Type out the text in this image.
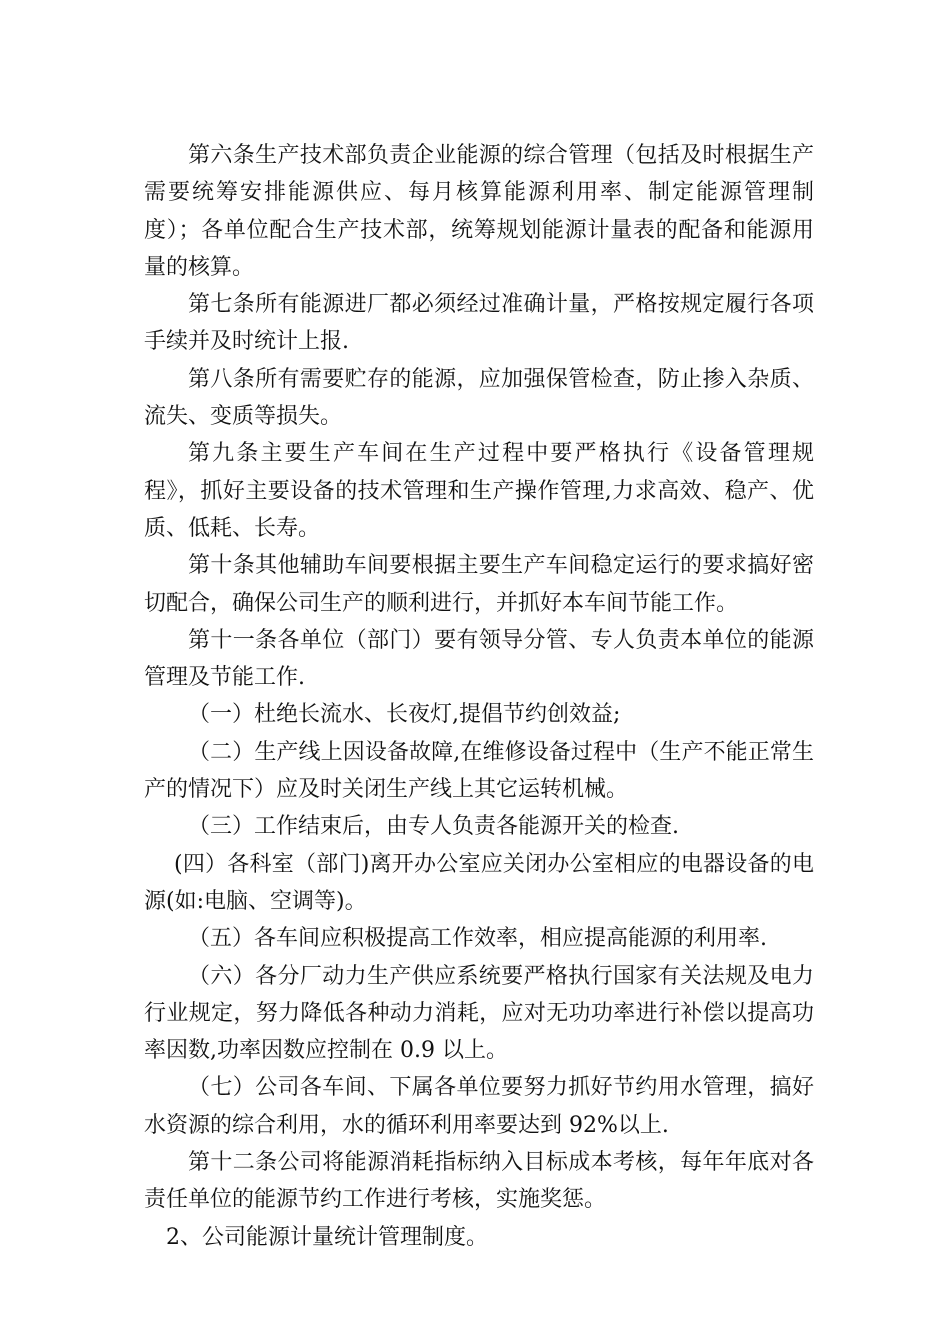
第六条生产技术部负责企业能源的综合管理（包括及时根据生产需要统筹安排能源供应、每月核算能源利用率、制定能源管理制度）；各单位配合生产技术部，统筹规划能源计量表的配备和能源用量的核算。

第七条所有能源进厂都必须经过准确计量，严格按规定履行各项手续并及时统计上报.

第八条所有需要贮存的能源，应加强保管检查，防止掺入杂质、流失、变质等损失。

第九条主要生产车间在生产过程中要严格执行《设备管理规程》，抓好主要设备的技术管理和生产操作管理,力求高效、稳产、优质、低耗、长寿。

第十条其他辅助车间要根据主要生产车间稳定运行的要求搞好密切配合，确保公司生产的顺利进行，并抓好本车间节能工作。

第十一条各单位（部门）要有领导分管、专人负责本单位的能源管理及节能工作.

（一）杜绝长流水、长夜灯,提倡节约创效益;

（二）生产线上因设备故障,在维修设备过程中（生产不能正常生产的情况下）应及时关闭生产线上其它运转机械。

（三）工作结束后，由专人负责各能源开关的检查.

(四）各科室（部门)离开办公室应关闭办公室相应的电器设备的电源(如:电脑、空调等)。

（五）各车间应积极提高工作效率，相应提高能源的利用率.

（六）各分厂动力生产供应系统要严格执行国家有关法规及电力行业规定，努力降低各种动力消耗，应对无功功率进行补偿以提高功率因数,功率因数应控制在 0.9 以上。

（七）公司各车间、下属各单位要努力抓好节约用水管理，搞好水资源的综合利用，水的循环利用率要达到 92%以上.

第十二条公司将能源消耗指标纳入目标成本考核，每年年底对各责任单位的能源节约工作进行考核，实施奖惩。

2、公司能源计量统计管理制度。
